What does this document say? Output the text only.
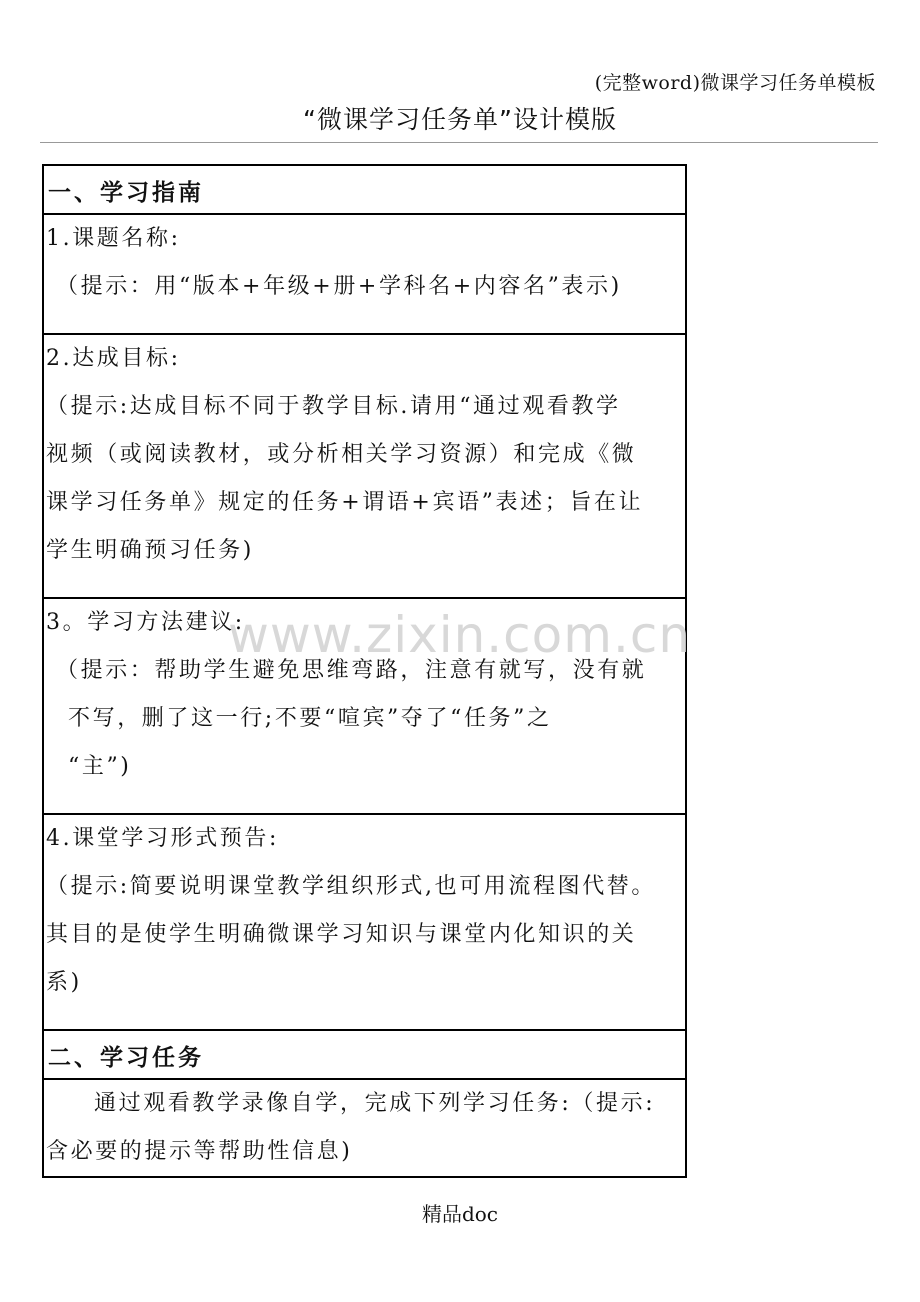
(完整word)微课学习任务单模板
“微课学习任务单”设计模版
一、学习指南
1.课题名称:
（提示：用“版本+年级+册+学科名+内容名”表示)
2.达成目标:
（提示:达成目标不同于教学目标.请用“通过观看教学
视频（或阅读教材，或分析相关学习资源）和完成《微
课学习任务单》规定的任务+谓语+宾语”表述；旨在让
学生明确预习任务)
3。学习方法建议:
（提示：帮助学生避免思维弯路，注意有就写，没有就
不写，删了这一行;不要“喧宾”夺了“任务”之
“主”)
4.课堂学习形式预告:
（提示:简要说明课堂教学组织形式,也可用流程图代替。
其目的是使学生明确微课学习知识与课堂内化知识的关
系)
二、学习任务
通过观看教学录像自学，完成下列学习任务:（提示:
含必要的提示等帮助性信息)
www.zixin.com.cn
精品doc
